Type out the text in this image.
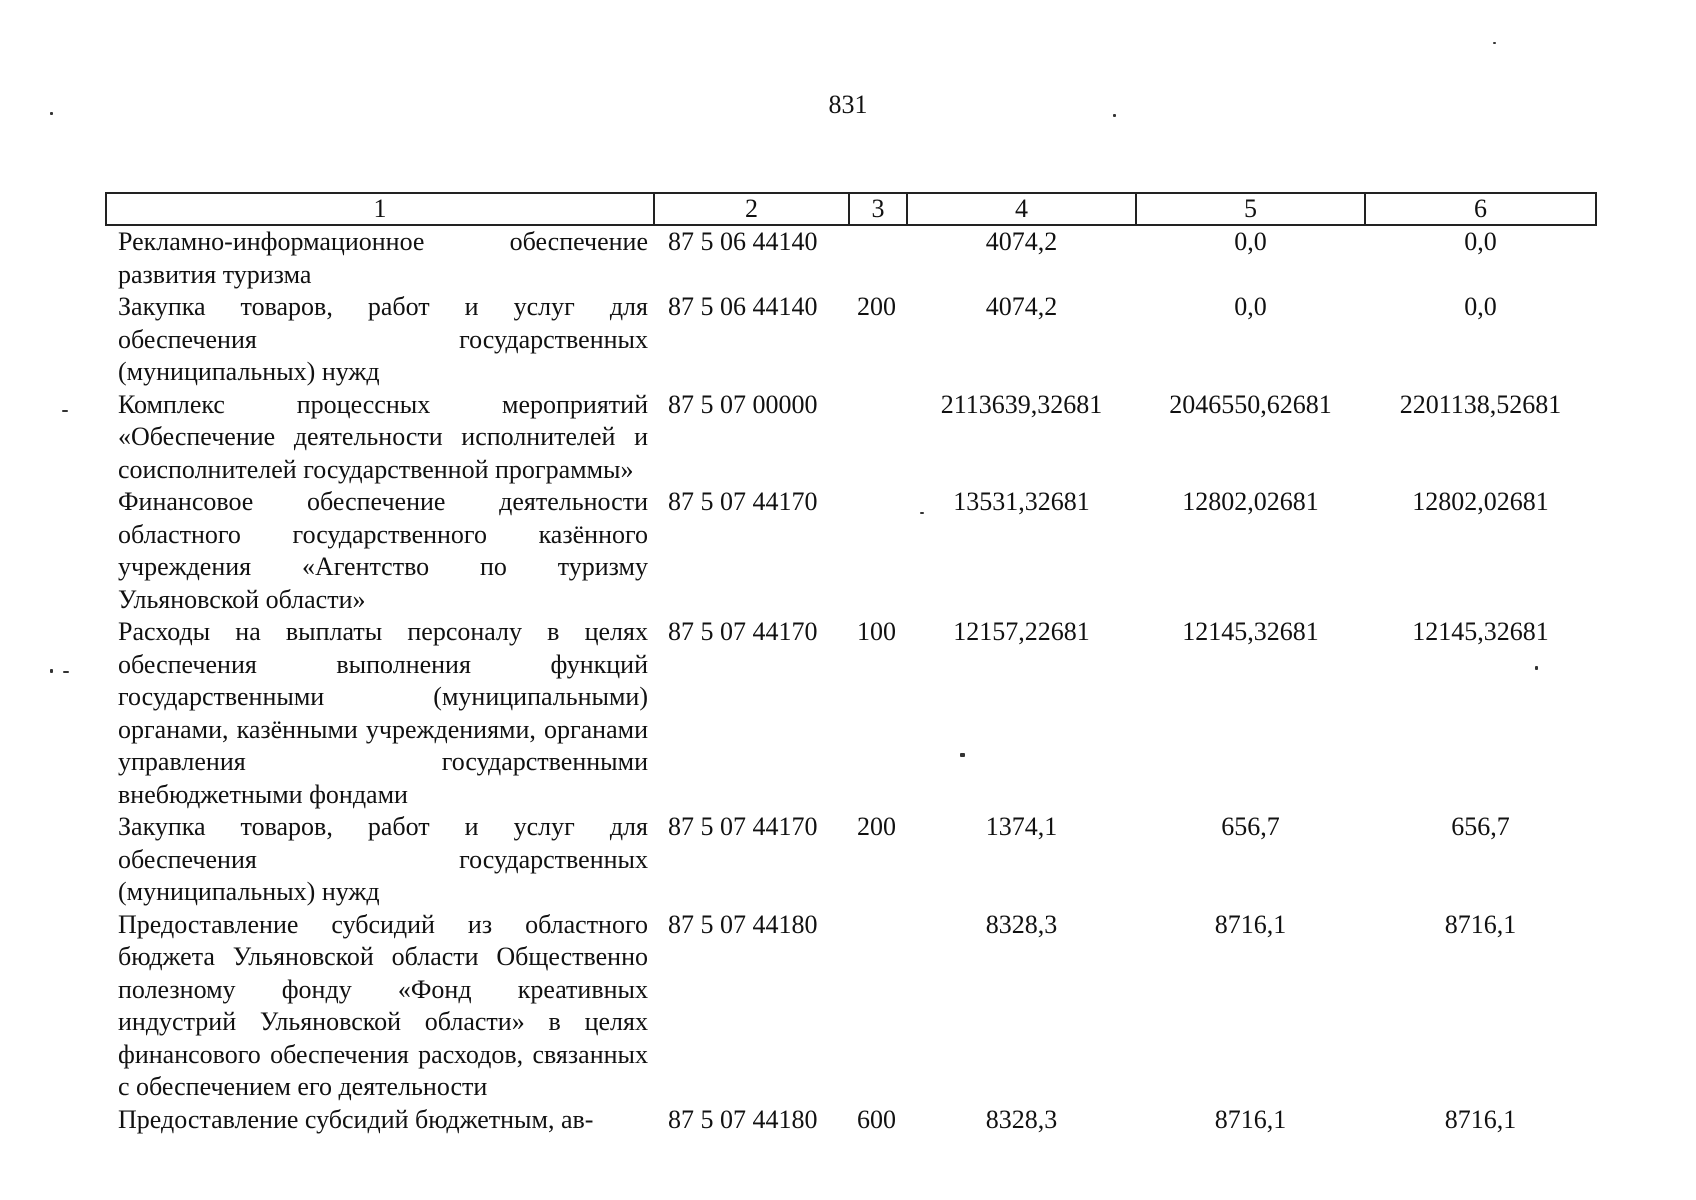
831
1	2	3	4	5	6
Рекламно-информационное обеспечение развития туризма	87 5 06 44140		4074,2	0,0	0,0
Закупка товаров, работ и услуг для обеспечения государственных (муниципальных) нужд	87 5 06 44140	200	4074,2	0,0	0,0
Комплекс процессных мероприятий «Обеспечение деятельности исполнителей и соисполнителей государственной программы»	87 5 07 00000		2113639,32681	2046550,62681	2201138,52681
Финансовое обеспечение деятельности областного государственного казённого учреждения «Агентство по туризму Ульяновской области»	87 5 07 44170		13531,32681	12802,02681	12802,02681
Расходы на выплаты персоналу в целях обеспечения выполнения функций государственными (муниципальными) органами, казёнными учреждениями, органами управления государственными внебюджетными фондами	87 5 07 44170	100	12157,22681	12145,32681	12145,32681
Закупка товаров, работ и услуг для обеспечения государственных (муниципальных) нужд	87 5 07 44170	200	1374,1	656,7	656,7
Предоставление субсидий из областного бюджета Ульяновской области Общественно полезному фонду «Фонд креативных индустрий Ульяновской области» в целях финансового обеспечения расходов, связанных с обеспечением его деятельности	87 5 07 44180		8328,3	8716,1	8716,1
Предоставление субсидий бюджетным, ав-	87 5 07 44180	600	8328,3	8716,1	8716,1
